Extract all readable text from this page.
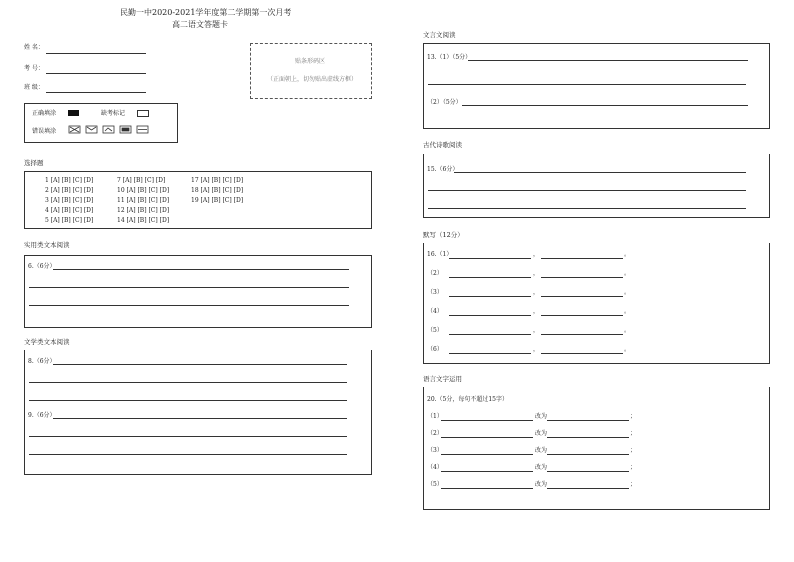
民勤一中2020-2021学年度第二学期第一次月考
高二语文答题卡
姓 名：
考 号：
班 级：
贴条形码区
（正面朝上，切勿贴出虚线方框）
正确填涂	缺考标记
错误填涂
选择题
1 [A] [B] [C] [D]
2 [A] [B] [C] [D]
3 [A] [B] [C] [D]
4 [A] [B] [C] [D]
5 [A] [B] [C] [D]
7 [A] [B] [C] [D]
10 [A] [B] [C] [D]
11 [A] [B] [C] [D]
12 [A] [B] [C] [D]
14 [A] [B] [C] [D]
17 [A] [B] [C] [D]
18 [A] [B] [C] [D]
19 [A] [B] [C] [D]
实用类文本阅读
6.（6分）
文学类文本阅读
8.（6分）
9.（6分）
文言文阅读
13.（1）（5分）
（2）（5分）
古代诗歌阅读
15.（6分）
默写（12分）
16.（1）	，	。
（2）	，	。
（3）	，	。
（4）	，	。
（5）	，	。
（6）	，	。
语言文字运用
20.（5分，每句不超过15字）
（1）	改为	；
（2）	改为	；
（3）	改为	；
（4）	改为	；
（5）	改为	；
